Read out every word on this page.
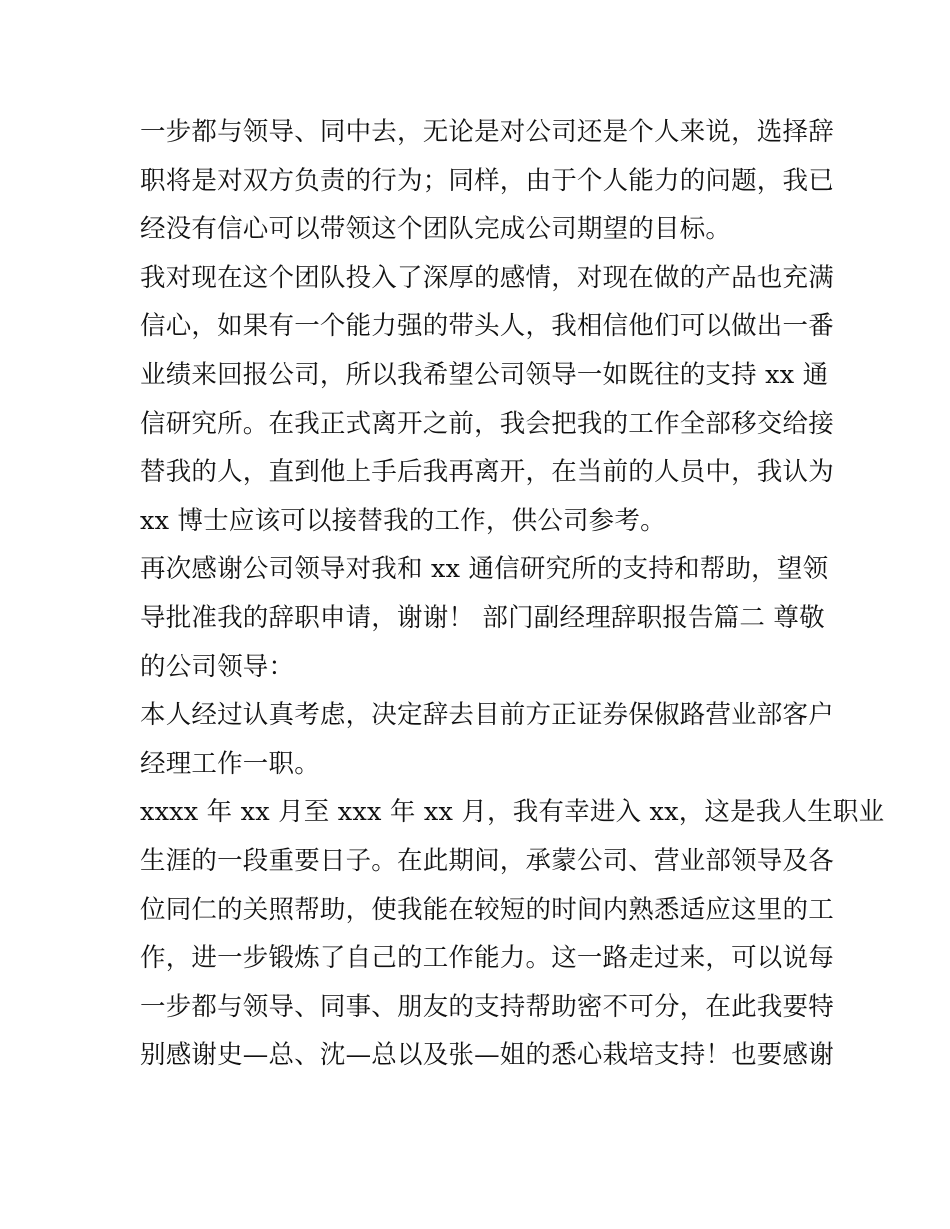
一步都与领导、同中去，无论是对公司还是个人来说，选择辞
职将是对双方负责的行为；同样，由于个人能力的问题，我已
经没有信心可以带领这个团队完成公司期望的目标。
我对现在这个团队投入了深厚的感情，对现在做的产品也充满
信心，如果有一个能力强的带头人，我相信他们可以做出一番
业绩来回报公司，所以我希望公司领导一如既往的支持 xx 通
信研究所。在我正式离开之前，我会把我的工作全部移交给接
替我的人，直到他上手后我再离开，在当前的人员中，我认为
xx 博士应该可以接替我的工作，供公司参考。
再次感谢公司领导对我和 xx 通信研究所的支持和帮助，望领
导批准我的辞职申请，谢谢！ 部门副经理辞职报告篇二 尊敬
的公司领导：
本人经过认真考虑，决定辞去目前方正证券保俶路营业部客户
经理工作一职。
xxxx 年 xx 月至 xxx 年 xx 月，我有幸进入 xx，这是我人生职业
生涯的一段重要日子。在此期间，承蒙公司、营业部领导及各
位同仁的关照帮助，使我能在较短的时间内熟悉适应这里的工
作，进一步锻炼了自己的工作能力。这一路走过来，可以说每
一步都与领导、同事、朋友的支持帮助密不可分，在此我要特
别感谢史—总、沈—总以及张—姐的悉心栽培支持！也要感谢
